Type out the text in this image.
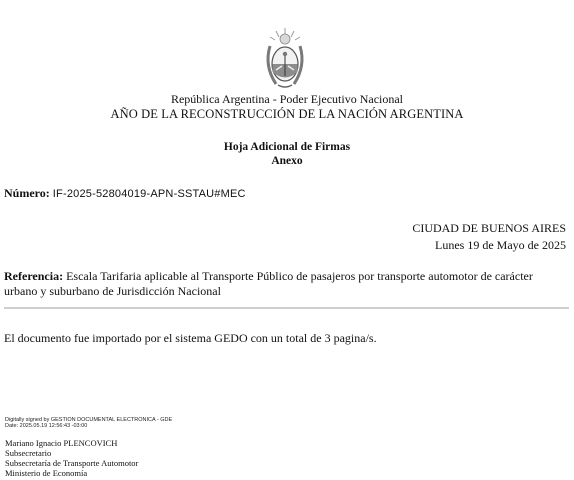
República Argentina - Poder Ejecutivo Nacional
AÑO DE LA RECONSTRUCCIÓN DE LA NACIÓN ARGENTINA
Hoja Adicional de Firmas
Anexo
Número: IF-2025-52804019-APN-SSTAU#MEC
CIUDAD DE BUENOS AIRES
Lunes 19 de Mayo de 2025
Referencia: Escala Tarifaria aplicable al Transporte Público de pasajeros por transporte automotor de carácter urbano y suburbano de Jurisdicción Nacional
El documento fue importado por el sistema GEDO con un total de 3 pagina/s.
Digitally signed by GESTION DOCUMENTAL ELECTRONICA - GDE
Date: 2025.05.19 12:56:43 -03:00
Mariano Ignacio PLENCOVICH
Subsecretario
Subsecretaría de Transporte Automotor
Ministerio de Economía
